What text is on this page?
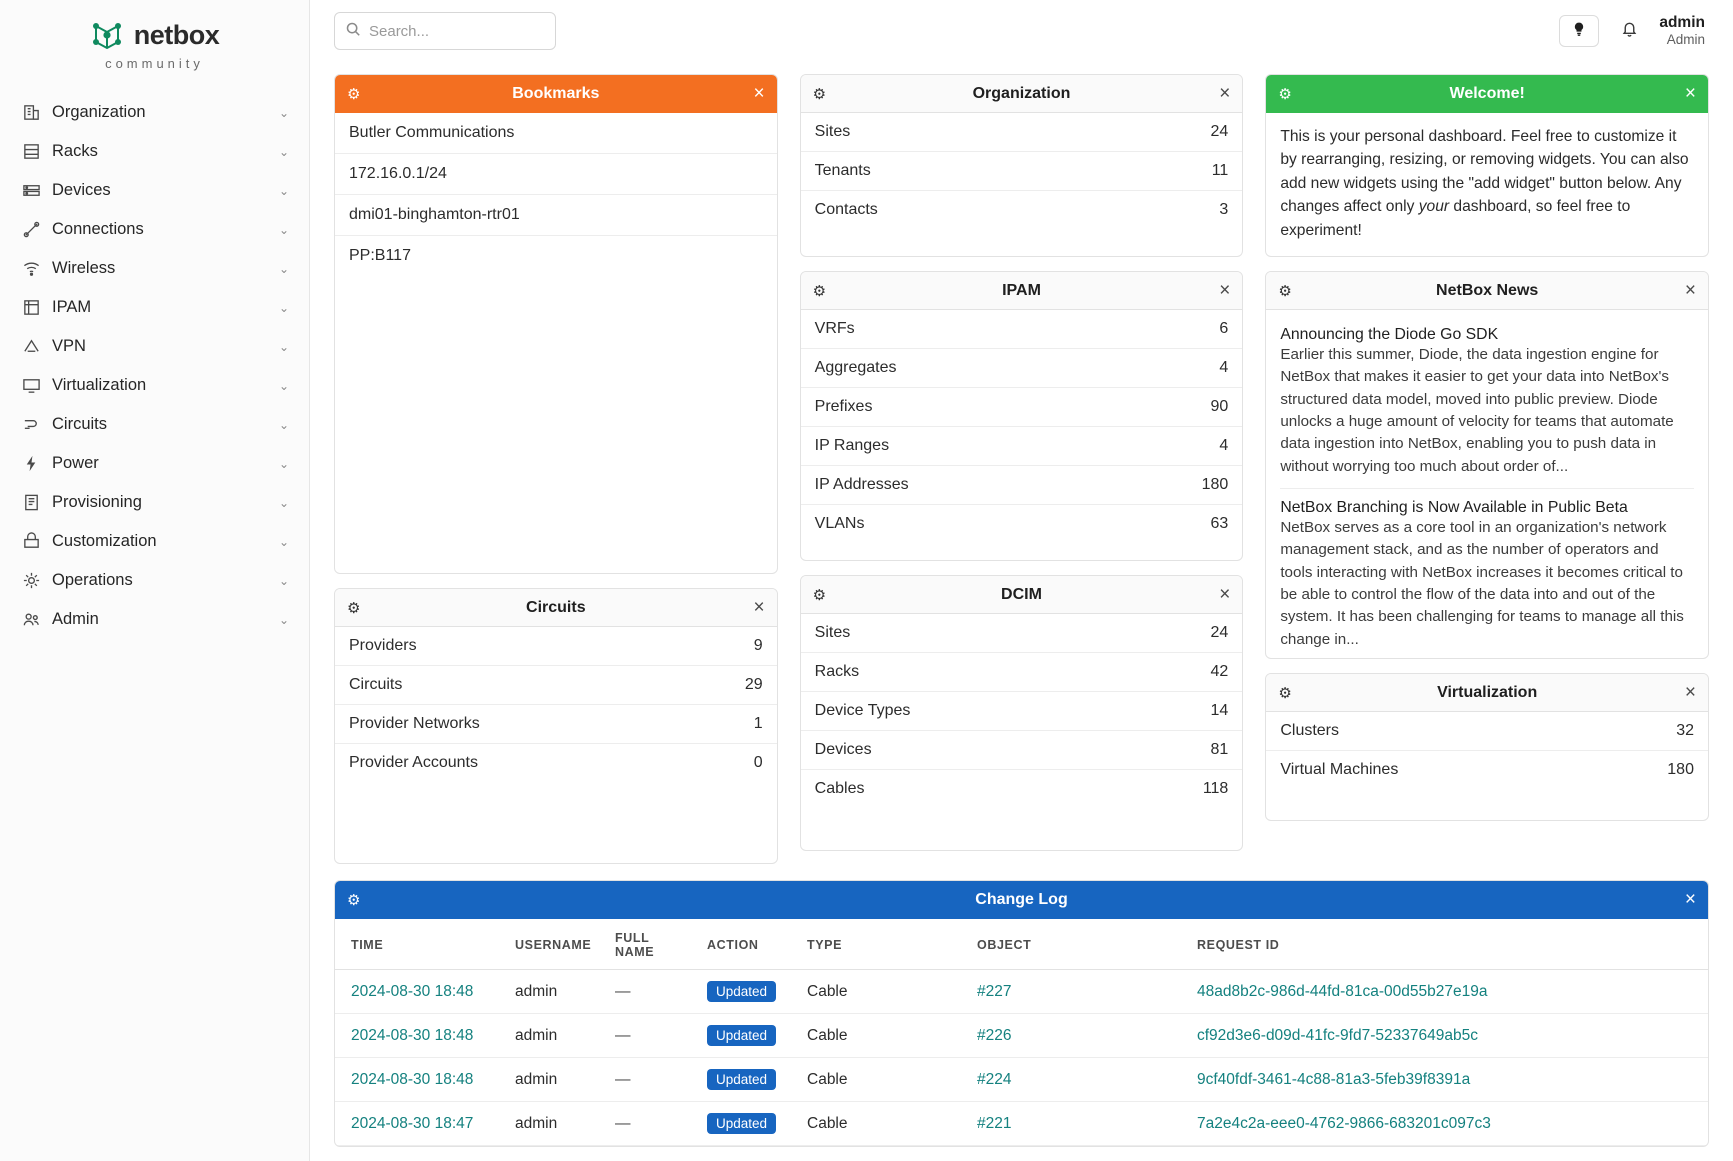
netbox
community
Organization	⌄
Racks	⌄
Devices	⌄
Connections	⌄
Wireless	⌄
IPAM	⌄
VPN	⌄
Virtualization	⌄
Circuits	⌄
Power	⌄
Provisioning	⌄
Customization	⌄
Operations	⌄
Admin	⌄
Search...
admin
Admin
⚙	Bookmarks	×
Butler Communications
172.16.0.1/24
dmi01-binghamton-rtr01
PP:B117
⚙	Circuits	×
Providers	9
Circuits	29
Provider Networks	1
Provider Accounts	0
⚙	Organization	×
Sites	24
Tenants	11
Contacts	3
⚙	IPAM	×
VRFs	6
Aggregates	4
Prefixes	90
IP Ranges	4
IP Addresses	180
VLANs	63
⚙	DCIM	×
Sites	24
Racks	42
Device Types	14
Devices	81
Cables	118
⚙	Welcome!	×
This is your personal dashboard. Feel free to customize it by rearranging, resizing, or removing widgets. You can also add new widgets using the "add widget" button below. Any changes affect only your dashboard, so feel free to experiment!
⚙	NetBox News	×
Announcing the Diode Go SDK
Earlier this summer, Diode, the data ingestion engine for NetBox that makes it easier to get your data into NetBox's structured data model, moved into public preview. Diode unlocks a huge amount of velocity for teams that automate data ingestion into NetBox, enabling you to push data in without worrying too much about order of...
NetBox Branching is Now Available in Public Beta
NetBox serves as a core tool in an organization's network management stack, and as the number of operators and tools interacting with NetBox increases it becomes critical to be able to control the flow of the data into and out of the system. It has been challenging for teams to manage all this change in...
⚙	Virtualization	×
Clusters	32
Virtual Machines	180
⚙	Change Log	×
TIME	USERNAME	FULL NAME	ACTION	TYPE	OBJECT	REQUEST ID
2024-08-30 18:48	admin	—	Updated	Cable	#227	48ad8b2c-986d-44fd-81ca-00d55b27e19a
2024-08-30 18:48	admin	—	Updated	Cable	#226	cf92d3e6-d09d-41fc-9fd7-52337649ab5c
2024-08-30 18:48	admin	—	Updated	Cable	#224	9cf40fdf-3461-4c88-81a3-5feb39f8391a
2024-08-30 18:47	admin	—	Updated	Cable	#221	7a2e4c2a-eee0-4762-9866-683201c097c3
